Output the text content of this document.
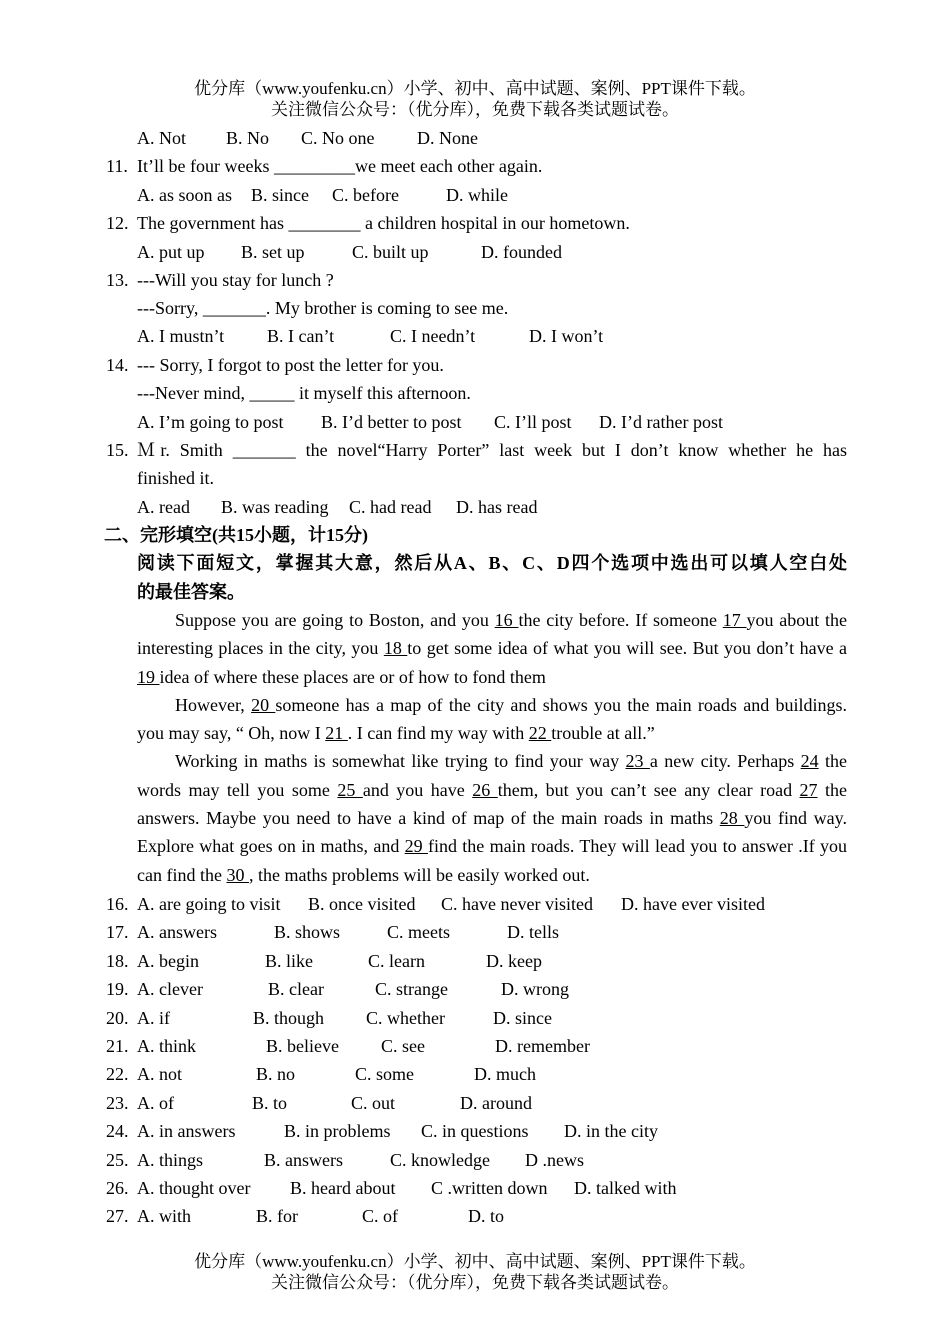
优分库（www.youfenku.cn）小学、初中、高中试题、案例、PPT课件下载。
关注微信公众号：（优分库），免费下载各类试题试卷。
A. Not B. No C. No one D. None
11. It’ll be four weeks _________we meet each other again.
A. as soon as B. since C. before	D. while
12. The government has ________ a children hospital in our hometown.
A. put up B. set up	C. built up	D. founded
13. ---Will you stay for lunch ?
---Sorry, _______. My brother is coming to see me.
A. I mustn’t B. I can’t	C. I needn’t	D. I won’t
14. --- Sorry, I forgot to post the letter for you.
---Never mind, _____ it myself this afternoon.
A. I’m going to post B. I’d better to post C. I’ll post D. I’d rather post
15. Ｍr. Smith _______ the novel“Harry Porter” last week but I don’t know whether he has
finished it.
A. read B. was reading C. had read D. has read
二、完形填空(共15小题，计15分)
阅读下面短文，掌握其大意，然后从A、B、C、D四个选项中选出可以填人空白处
的最佳答案。

Suppose you are going to Boston, and you 16 the city before. If someone 17 you about the interesting places in the city, you 18 to get some idea of what you will see. But you don’t have a 19 idea of where these places are or of how to fond them

However, 20 someone has a map of the city and shows you the main roads and buildings. you may say, “ Oh, now I 21 . I can find my way with 22 trouble at all.”

Working in maths is somewhat like trying to find your way 23 a new city. Perhaps 24 the words may tell you some 25 and you have 26 them, but you can’t see any clear road 27 the answers. Maybe you need to have a kind of map of the main roads in maths 28 you find way. Explore what goes on in maths, and 29 find the main roads. They will lead you to answer .If you can find the 30 , the maths problems will be easily worked out.

16. A. are going to visit B. once visited C. have never visited D. have ever visited
17. A. answers	B. shows	C. meets	D. tells
18. A. begin	B. like	C. learn	D. keep
19. A. clever	B. clear	C. strange	D. wrong
20. A. if	B. though C. whether	D. since
21. A. think	B. believe C. see	D. remember
22. A. not	B. no	C. some	D. much
23. A. of	B. to	C. out	D. around
24. A. in answers	B. in problems C. in questions D. in the city
25. A. things	B. answers	C. knowledge D .news
26. A. thought over B. heard about C .written down D. talked with
27. A. with	B. for	C. of	D. to
优分库（www.youfenku.cn）小学、初中、高中试题、案例、PPT课件下载。
关注微信公众号：（优分库），免费下载各类试题试卷。
